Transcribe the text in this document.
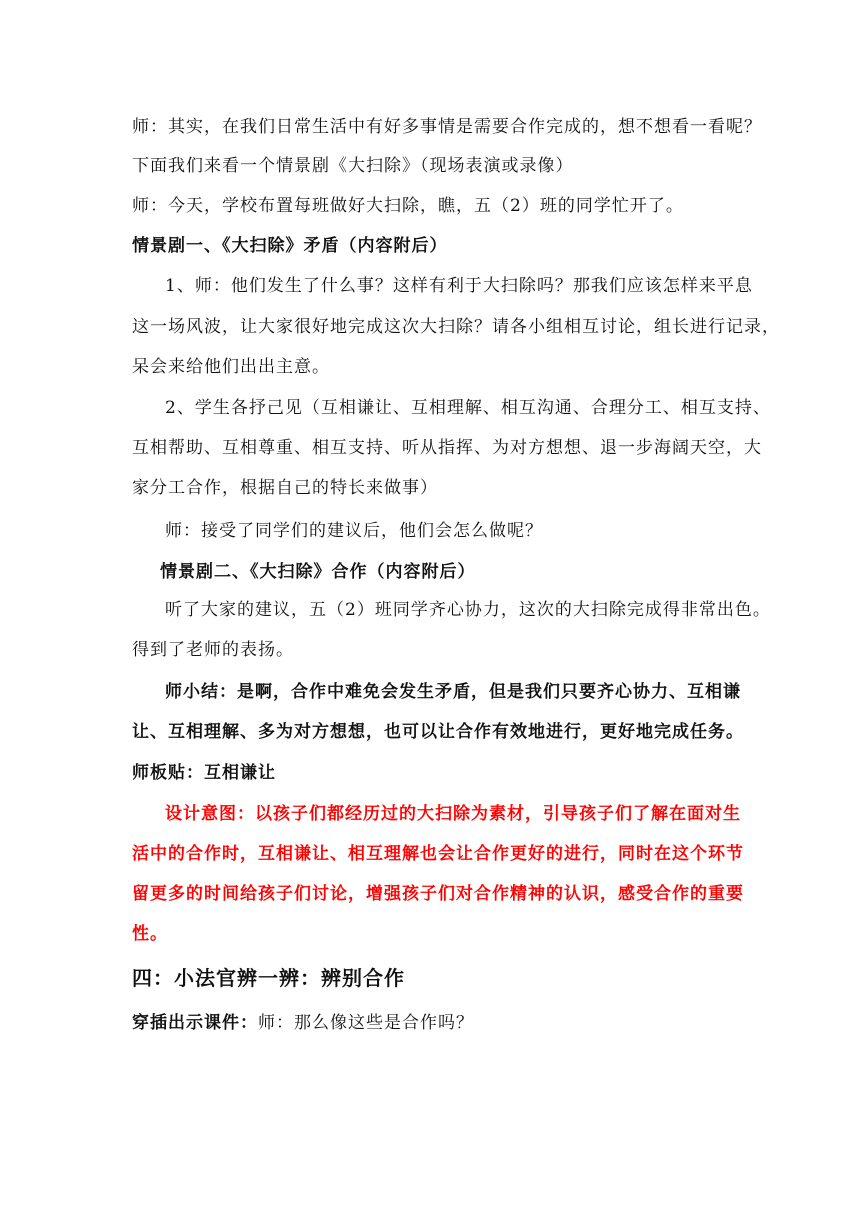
师：其实，在我们日常生活中有好多事情是需要合作完成的，想不想看一看呢？
下面我们来看一个情景剧《大扫除》（现场表演或录像）
师：今天，学校布置每班做好大扫除，瞧，五（2）班的同学忙开了。
情景剧一、《大扫除》矛盾（内容附后）
1、师：他们发生了什么事？这样有利于大扫除吗？那我们应该怎样来平息
这一场风波，让大家很好地完成这次大扫除？请各小组相互讨论，组长进行记录，
呆会来给他们出出主意。
2、学生各抒己见（互相谦让、互相理解、相互沟通、合理分工、相互支持、
互相帮助、互相尊重、相互支持、听从指挥、为对方想想、退一步海阔天空，大
家分工合作，根据自己的特长来做事）
师：接受了同学们的建议后，他们会怎么做呢？
情景剧二、《大扫除》合作（内容附后）
听了大家的建议，五（2）班同学齐心协力，这次的大扫除完成得非常出色。
得到了老师的表扬。
师小结：是啊，合作中难免会发生矛盾，但是我们只要齐心协力、互相谦
让、互相理解、多为对方想想，也可以让合作有效地进行，更好地完成任务。
师板贴：互相谦让
设计意图：以孩子们都经历过的大扫除为素材，引导孩子们了解在面对生
活中的合作时，互相谦让、相互理解也会让合作更好的进行，同时在这个环节
留更多的时间给孩子们讨论，增强孩子们对合作精神的认识，感受合作的重要
性。
四：小法官辨一辨：辨别合作
穿插出示课件：师：那么像这些是合作吗？
